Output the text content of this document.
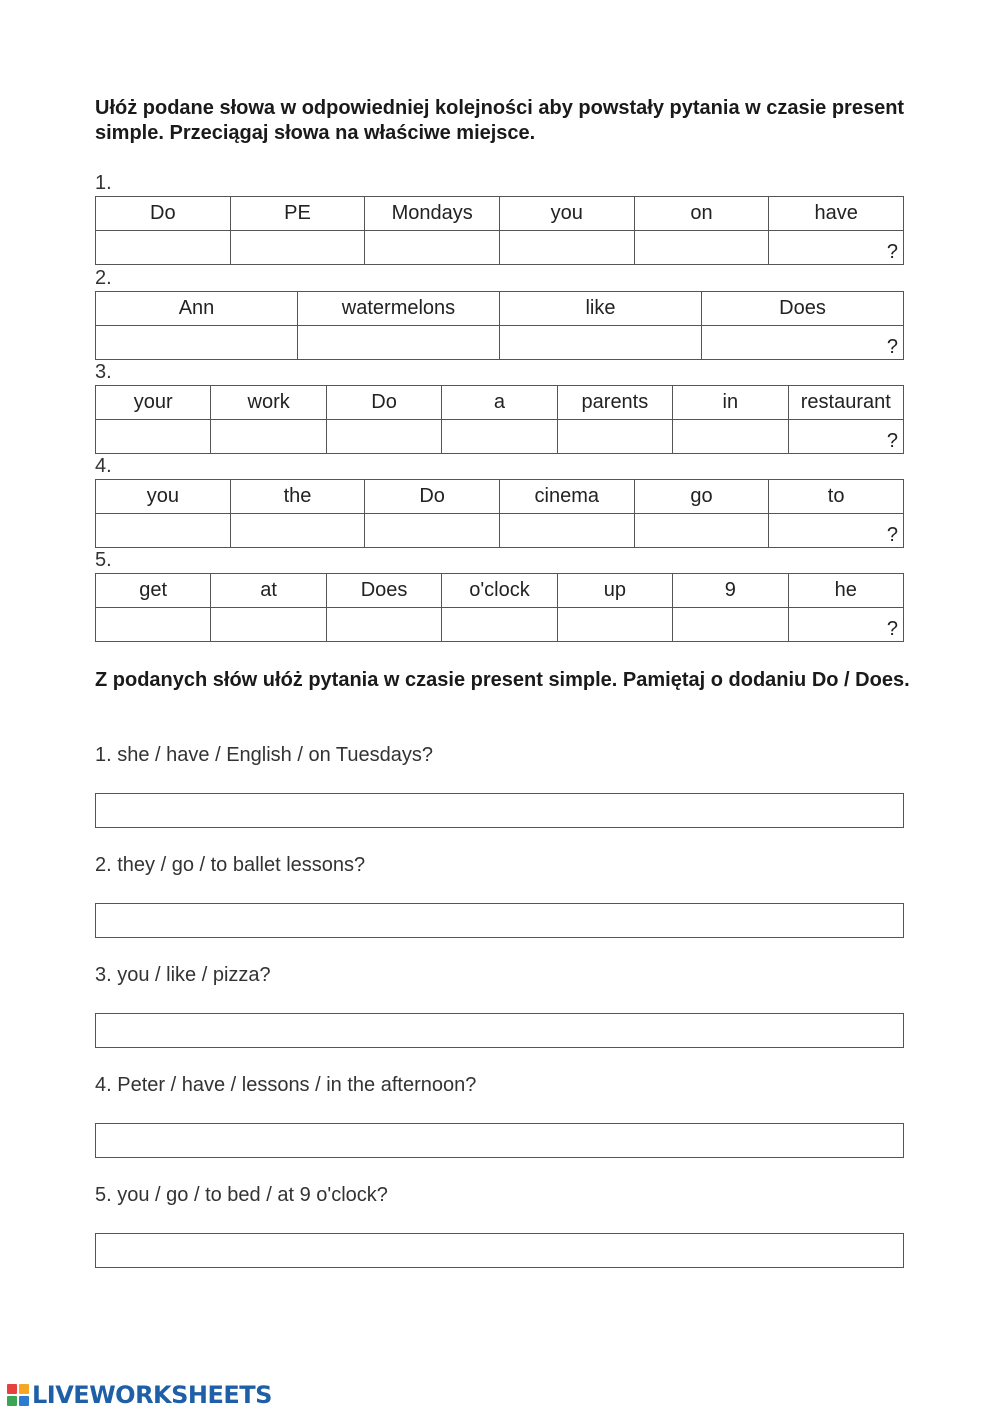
Ułóż podane słowa w odpowiedniej kolejności aby powstały pytania w czasie present simple. Przeciągaj słowa na właściwe miejsce.
1.
Do	PE	Mondays	you	on	have
					?
2.
Ann	watermelons	like	Does
			?
3.
your	work	Do	a	parents	in	restaurant
						?
4.
you	the	Do	cinema	go	to
					?
5.
get	at	Does	o'clock	up	9	he
						?
Z podanych słów ułóż pytania w czasie present simple. Pamiętaj o dodaniu Do / Does.
1. she / have / English / on Tuesdays?
2. they / go / to ballet lessons?
3. you / like / pizza?
4. Peter / have / lessons / in the afternoon?
5. you / go / to bed / at 9 o'clock?
LIVEWORKSHEETS
